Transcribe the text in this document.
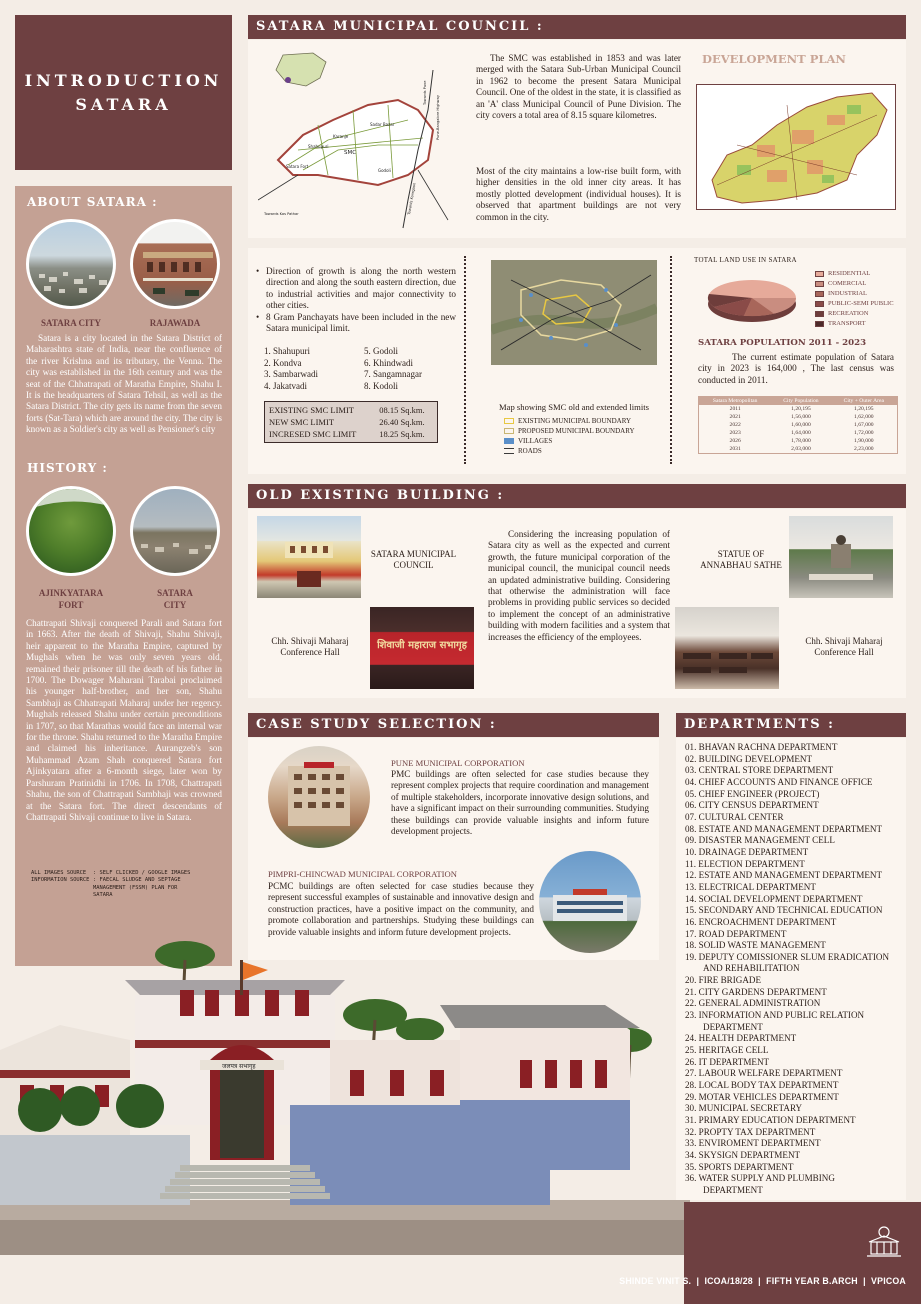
INTRODUCTION
SATARA
ABOUT SATARA :
SATARA CITY	RAJAWADA
Satara is a city located in the Satara District of Maharashtra state of India, near the confluence of the river Krishna and its tributary, the Venna. The city was established in the 16th century and was the seat of the Chhatrapati of Maratha Empire, Shahu I. It is the headquarters of Satara Tehsil, as well as the Satara District. The city gets its name from the seven forts (Sat-Tara) which are around the city. The city is known as a Soldier's city as well as Pensioner's city
HISTORY :
AJINKYATARA
FORT
SATARA
CITY
Chattrapati Shivaji conquered Parali and Satara fort in 1663. After the death of Shivaji, Shahu Shivaji, heir apparent to the Maratha Empire, captured by Mughals when he was only seven years old, remained their prisoner till the death of his father in 1700. The Dowager Maharani Tarabai proclaimed his younger half-brother, and her son, Shahu Sambhaji as Chhatrapati Maharaj under her regency. Mughals released Shahu under certain preconditions in 1707, so that Marathas would face an internal war for the throne. Shahu returned to the Maratha Empire and claimed his inheritance. Aurangzeb's son Muhammad Azam Shah conquered Satara fort Ajinkyatara after a 6-month siege, later won by Parshuram Pratinidhi in 1706. In 1708, Chattrapati Shahu, the son of Chattrapati Sambhaji was crowned at the Satara fort. The direct descendants of Chattrapati Shivaji continue to live in Satara.
ALL IMAGES SOURCE	: SELF CLICKED / GOOGLE IMAGES
INFORMATION SOURCE : FAECAL SLUDGE AND SEPTAGE MANAGEMENT (FSSM) PLAN FOR SATARA
SATARA MUNICIPAL COUNCIL :
SMC
Satara Fort
Sadar Bazar
Godoli
Shahupuri
Karanje	Pune-Bangalore Highway
Towards Koregaon
Towards Pune
Towards Kas Pathar
The SMC was established in 1853 and was later merged with the Satara Sub-Urban Municipal Council in 1962 to become the present Satara Municipal Council. One of the oldest in the state, it is classified as an 'A' class Municipal Council of Pune Division. The city covers a total area of 8.15 square kilometres.
Most of the city maintains a low-rise built form, with higher densities in the old inner city areas. It has mostly plotted development (individual houses). It is observed that apartment buildings are not very common in the city.
DEVELOPMENT PLAN
• Direction of growth is along the north western direction and along the south eastern direction, due to industrial activities and major connectivity to other cities.
• 8 Gram Panchayats have been included in the new Satara municipal limit.
1. Shahupuri	5. Godoli
2. Kondva	6. Khindwadi
3. Sambarwadi	7. Sangamnagar
4. Jakatvadi	8. Kodoli
EXISTING SMC LIMIT	08.15 Sq.km.
NEW SMC LIMIT	26.40 Sq.km.
INCRESED SMC LIMIT	18.25 Sq.km.
Map showing SMC old and extended limits
EXISTING MUNICIPAL BOUNDARY
PROPOSED MUNICIPAL BOUNDARY
VILLAGES
ROADS
TOTAL LAND USE IN SATARA
RESIDENTIAL
COMERCIAL
INDUSTRIAL
PUBLIC-SEMI PUBLIC
RECREATION
TRANSPORT
SATARA POPULATION 2011 - 2023
The current estimate population of Satara city in 2023 is 164,000 , The last census was conducted in 2011.
Satara Metropolitan	City Population	City + Outer Area
2011	1,20,195	1,20,195
2021	1,56,000	1,62,000
2022	1,60,000	1,67,000
2023	1,64,000	1,72,000
2026	1,78,000	1,90,000
2031	2,03,000	2,23,000
OLD EXISTING BUILDING :
SATARA MUNICIPAL
COUNCIL
शिवाजी महाराज सभागृह
Chh. Shivaji Maharaj
Conference Hall
Considering the increasing population of Satara city as well as the expected and current growth, the future municipal corporation of the municipal council, the municipal council needs an updated administrative building. Considering that otherwise the administration will face problems in providing public services so decided to implement the concept of an administrative building with modern facilities and a system that increases the efficiency of the employees.
STATUE OF
ANNABHAU SATHE
Chh. Shivaji Maharaj
Conference Hall
CASE STUDY SELECTION :
PUNE MUNICIPAL CORPORATION
PMC buildings are often selected for case studies because they represent complex projects that require coordination and management of multiple stakeholders, incorporate innovative design solutions, and have a significant impact on their surrounding communities. Studying these buildings can provide valuable insights and inform future development projects.
PIMPRI-CHINCWAD MUNICIPAL CORPORATION
PCMC buildings are often selected for case studies because they represent successful examples of sustainable and innovative design and construction practices, have a positive impact on the community, and promote collaboration and partnerships. Studying these buildings can provide valuable insights and inform future development projects.
DEPARTMENTS :
01. BHAVAN RACHNA DEPARTMENT
02. BUILDING DEVELOPMENT
03. CENTRAL STORE DEPARTMENT
04. CHIEF ACCOUNTS AND FINANCE OFFICE
05. CHIEF ENGINEER (PROJECT)
06. CITY CENSUS DEPARTMENT
07. CULTURAL CENTER
08. ESTATE AND MANAGEMENT DEPARTMENT
09. DISASTER MANAGEMENT CELL
10. DRAINAGE DEPARTMENT
11. ELECTION DEPARTMENT
12. ESTATE AND MANAGEMENT DEPARTMENT
13. ELECTRICAL DEPARTMENT
14. SOCIAL DEVELOPMENT DEPARTMENT
15. SECONDARY AND TECHNICAL EDUCATION
16. ENCROACHMENT DEPARTMENT
17. ROAD DEPARTMENT
18. SOLID WASTE MANAGEMENT
19. DEPUTY COMISSIONER SLUM ERADICATION
AND REHABILITATION
20. FIRE BRIGADE
21. CITY GARDENS DEPARTMENT
22. GENERAL ADMINISTRATION
23. INFORMATION AND PUBLIC RELATION
DEPARTMENT
24. HEALTH DEPARTMENT
25. HERITAGE CELL
26. IT DEPARTMENT
27. LABOUR WELFARE DEPARTMENT
28. LOCAL BODY TAX DEPARTMENT
29. MOTAR VEHICLES DEPARTMENT
30. MUNICIPAL SECRETARY
31. PRIMARY EDUCATION DEPARTMENT
32. PROPTY TAX DEPARTMENT
33. ENVIROMENT DEPARTMENT
34. SKYSIGN DEPARTMENT
35. SPORTS DEPARTMENT
36. WATER SUPPLY AND PLUMBING
DEPARTMENT
जलपत्र सभागृह
SHINDE VINIT S.  |  ICOA/18/28  |  FIFTH YEAR B.ARCH  |  VPICOA
